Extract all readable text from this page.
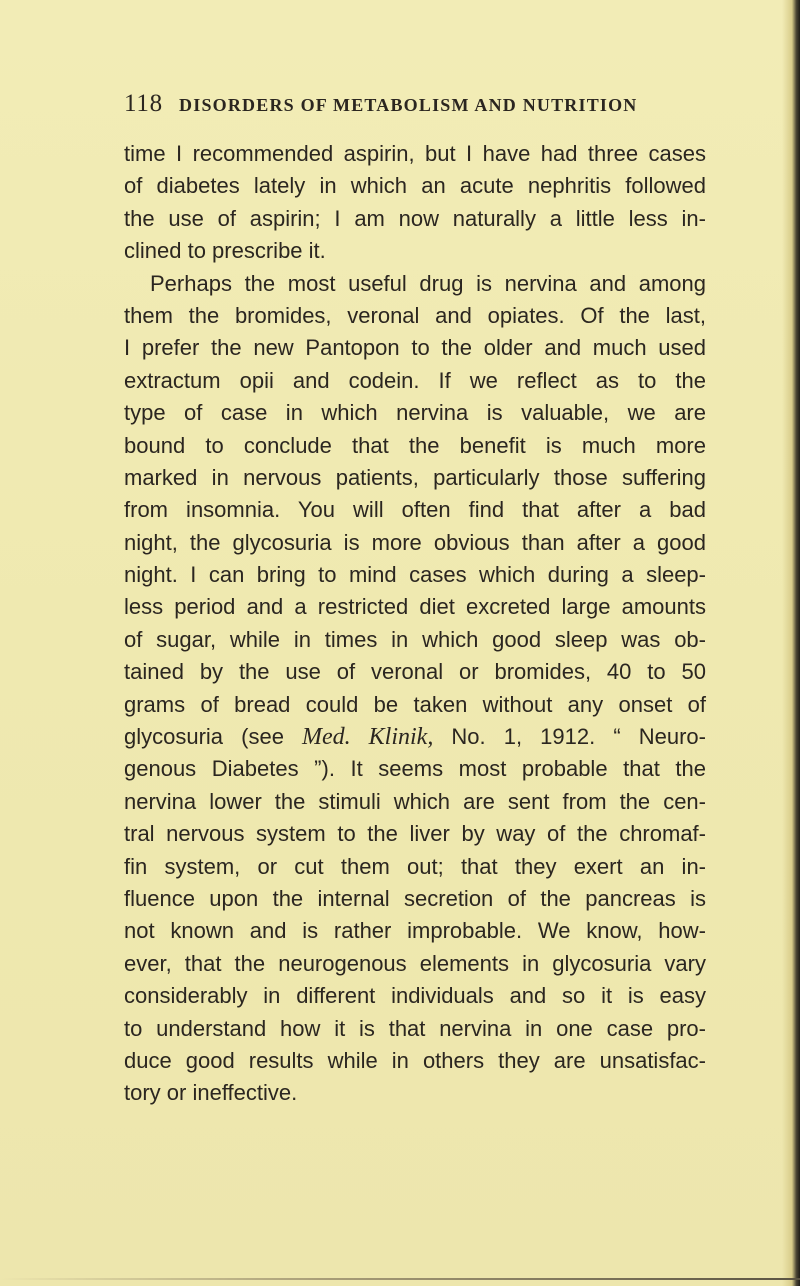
118 DISORDERS OF METABOLISM AND NUTRITION
time I recommended aspirin, but I have had three cases
of diabetes lately in which an acute nephritis followed
the use of aspirin; I am now naturally a little less in-
clined to prescribe it.
Perhaps the most useful drug is nervina and among
them the bromides, veronal and opiates. Of the last,
I prefer the new Pantopon to the older and much used
extractum opii and codein. If we reflect as to the
type of case in which nervina is valuable, we are
bound to conclude that the benefit is much more
marked in nervous patients, particularly those suffering
from insomnia. You will often find that after a bad
night, the glycosuria is more obvious than after a good
night. I can bring to mind cases which during a sleep-
less period and a restricted diet excreted large amounts
of sugar, while in times in which good sleep was ob-
tained by the use of veronal or bromides, 40 to 50
grams of bread could be taken without any onset of
glycosuria (see Med. Klinik, No. 1, 1912. “ Neuro-
genous Diabetes ”). It seems most probable that the
nervina lower the stimuli which are sent from the cen-
tral nervous system to the liver by way of the chromaf-
fin system, or cut them out; that they exert an in-
fluence upon the internal secretion of the pancreas is
not known and is rather improbable. We know, how-
ever, that the neurogenous elements in glycosuria vary
considerably in different individuals and so it is easy
to understand how it is that nervina in one case pro-
duce good results while in others they are unsatisfac-
tory or ineffective.
